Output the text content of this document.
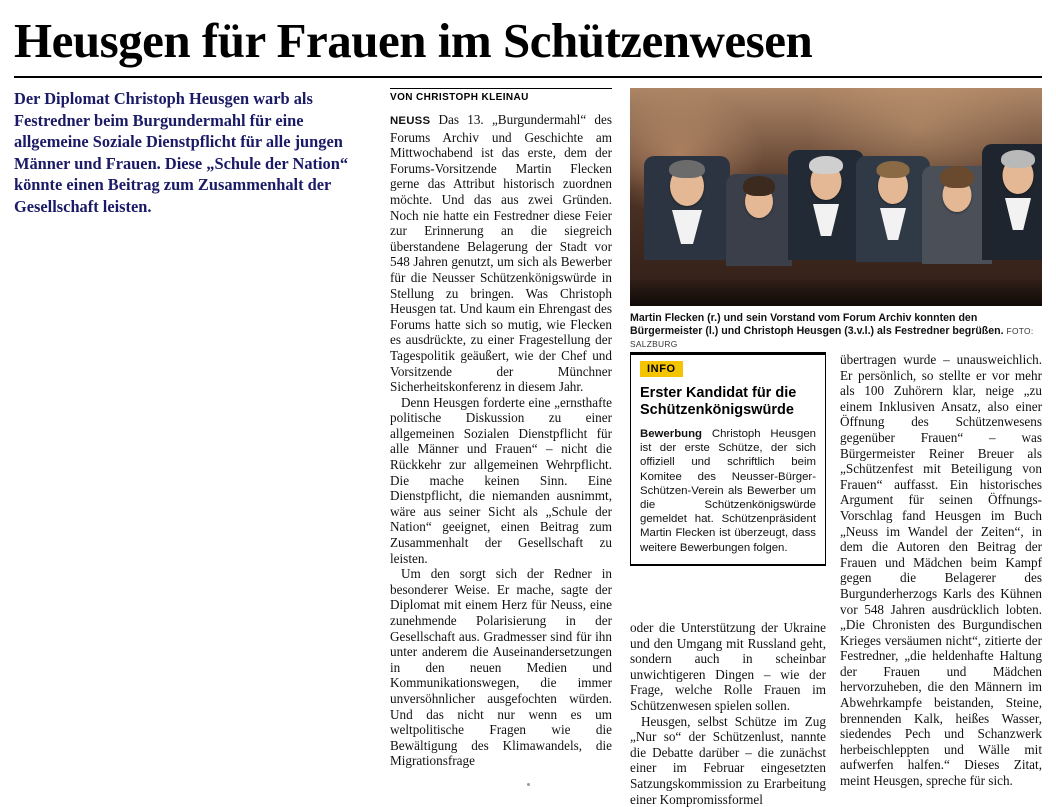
Heusgen für Frauen im Schützenwesen
Der Diplomat Christoph Heusgen warb als Festredner beim Burgundermahl für eine allgemeine Soziale Dienstpflicht für alle jungen Männer und Frauen. Diese „Schule der Nation“ könnte einen Beitrag zum Zusammenhalt der Gesellschaft leisten.
VON CHRISTOPH KLEINAU

NEUSS Das 13. „Burgundermahl“ des Forums Archiv und Geschichte am Mittwochabend ist das erste, dem der Forums-Vorsitzende Martin Flecken gerne das Attribut historisch zuordnen möchte. Und das aus zwei Gründen. Noch nie hatte ein Festredner diese Feier zur Erinnerung an die siegreich überstandene Belagerung der Stadt vor 548 Jahren genutzt, um sich als Bewerber für die Neusser Schützenkönigswürde in Stellung zu bringen. Was Christoph Heusgen tat. Und kaum ein Ehrengast des Forums hatte sich so mutig, wie Flecken es ausdrückte, zu einer Fragestellung der Tagespolitik geäußert, wie der Chef und Vorsitzende der Münchner Sicherheitskonferenz in diesem Jahr.

Denn Heusgen forderte eine „ernsthafte politische Diskussion zu einer allgemeinen Sozialen Dienstpflicht für alle Männer und Frauen“ – nicht die Rückkehr zur allgemeinen Wehrpflicht. Die mache keinen Sinn. Eine Dienstpflicht, die niemanden ausnimmt, wäre aus seiner Sicht als „Schule der Nation“ geeignet, einen Beitrag zum Zusammenhalt der Gesellschaft zu leisten.

Um den sorgt sich der Redner in besonderer Weise. Er mache, sagte der Diplomat mit einem Herz für Neuss, eine zunehmende Polarisierung in der Gesellschaft aus. Gradmesser sind für ihn unter anderem die Auseinandersetzungen in den neuen Medien und Kommunikationswegen, die immer unversöhnlicher ausgefochten würden. Und das nicht nur wenn es um weltpolitische Fragen wie die Bewältigung des Klimawandels, die Migrationsfrage

Martin Flecken (r.) und sein Vorstand vom Forum Archiv konnten den Bürgermeister (l.) und Christoph Heusgen (3.v.l.) als Festredner begrüßen. FOTO: SALZBURG
INFO
Erster Kandidat für die Schützenkönigswürde
Bewerbung Christoph Heusgen ist der erste Schütze, der sich offiziell und schriftlich beim Komitee des Neusser-Bürger-Schützen-Verein als Bewerber um die Schützenkönigswürde gemeldet hat. Schützenpräsident Martin Flecken ist überzeugt, dass weitere Bewerbungen folgen.

oder die Unterstützung der Ukraine und den Umgang mit Russland geht, sondern auch in scheinbar unwichtigeren Dingen – wie der Frage, welche Rolle Frauen im Schützenwesen spielen sollen.

Heusgen, selbst Schütze im Zug „Nur so“ der Schützenlust, nannte die Debatte darüber – die zunächst einer im Februar eingesetzten Satzungskommission zu Erarbeitung einer Kompromissformel

übertragen wurde – unausweichlich. Er persönlich, so stellte er vor mehr als 100 Zuhörern klar, neige „zu einem Inklusiven Ansatz, also einer Öffnung des Schützenwesens gegenüber Frauen“ – was Bürgermeister Reiner Breuer als „Schützenfest mit Beteiligung von Frauen“ auffasst. Ein historisches Argument für seinen Öffnungs-Vorschlag fand Heusgen im Buch „Neuss im Wandel der Zeiten“, in dem die Autoren den Beitrag der Frauen und Mädchen beim Kampf gegen die Belagerer des Burgunderherzogs Karls des Kühnen vor 548 Jahren ausdrücklich lobten. „Die Chronisten des Burgundischen Krieges versäumen nicht“, zitierte der Festredner, „die heldenhafte Haltung der Frauen und Mädchen hervorzuheben, die den Männern im Abwehrkampfe beistanden, Steine, brennenden Kalk, heißes Wasser, siedendes Pech und Schanzwerk herbeischleppten und Wälle mit aufwerfen halfen.“ Dieses Zitat, meint Heusgen, spreche für sich.
